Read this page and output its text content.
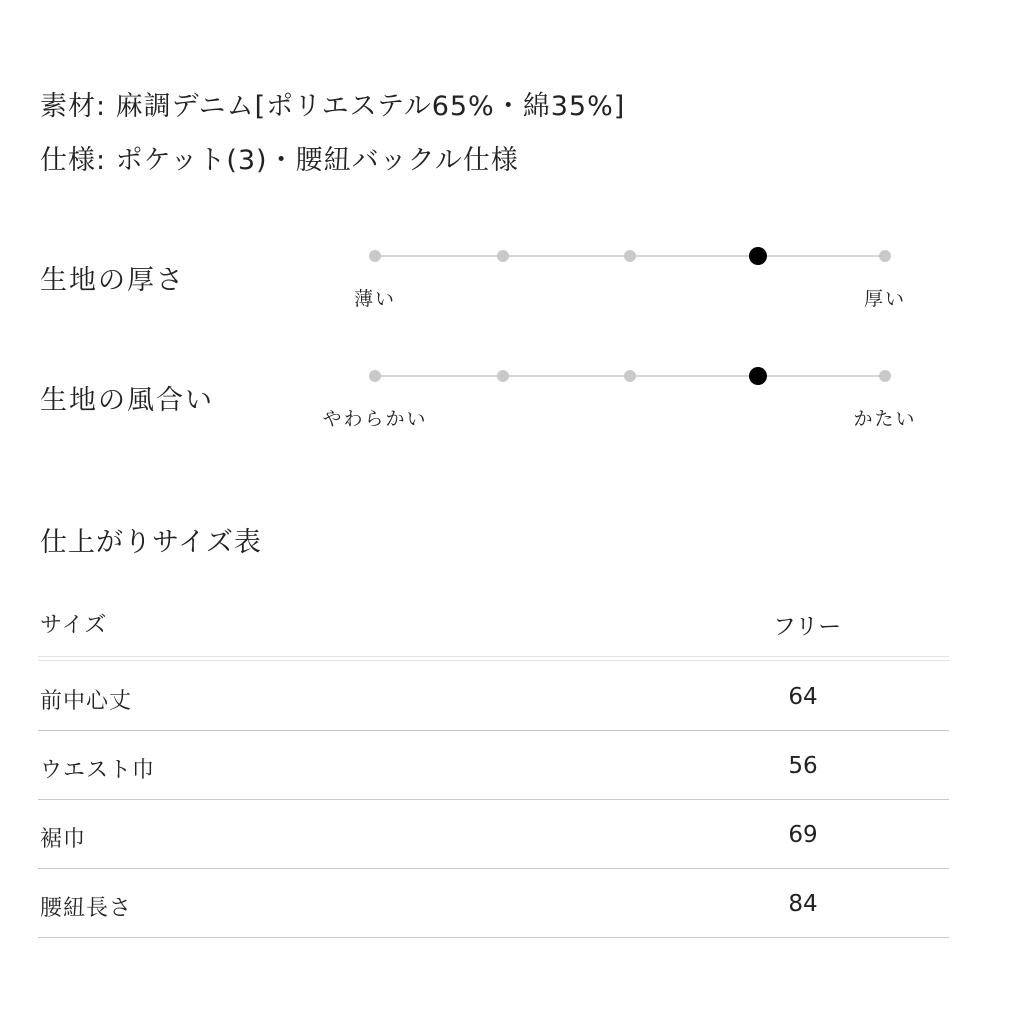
素材: 麻調デニム[ポリエステル65%・綿35%]
仕様: ポケット(3)・腰紐バックル仕様
生地の厚さ
薄い	厚い
生地の風合い
やわらかい	かたい
仕上がりサイズ表
サイズ	フリー
前中心丈	64
ウエスト巾	56
裾巾	69
腰紐長さ	84
